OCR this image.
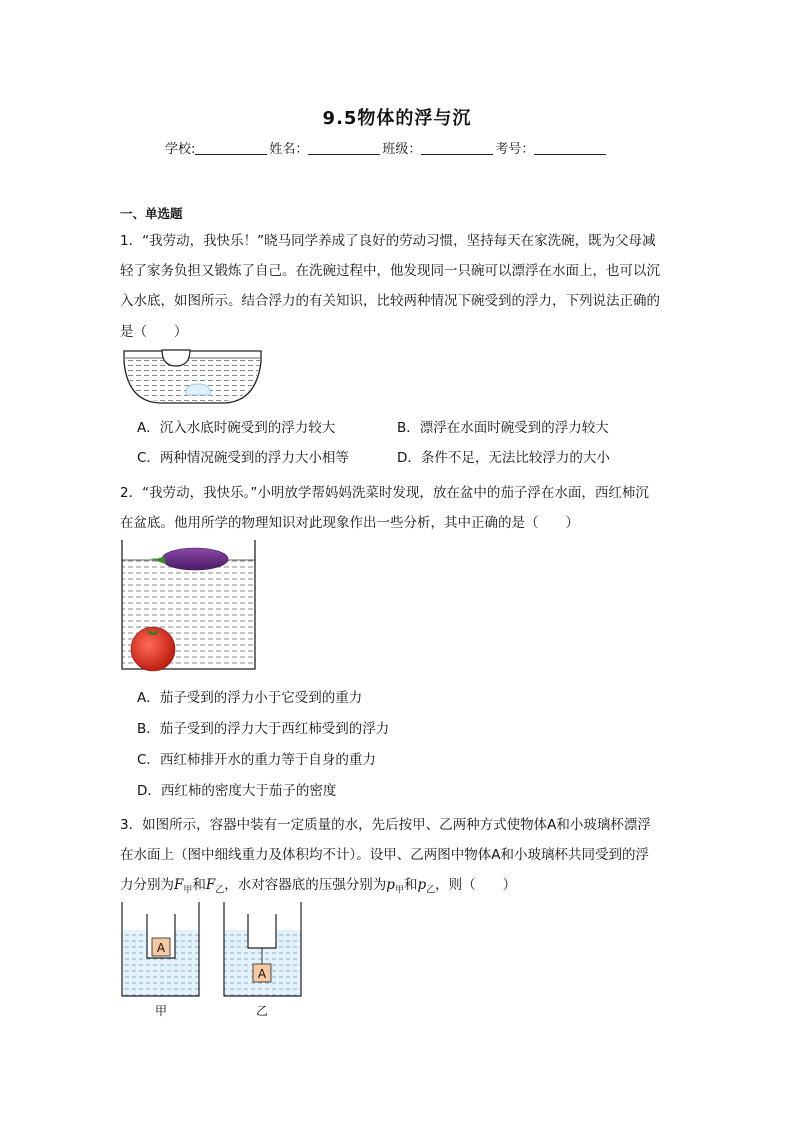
9.5物体的浮与沉
学校:	姓名：	班级：	考号：
一、单选题
1．“我劳动，我快乐！”晓马同学养成了良好的劳动习惯，坚持每天在家洗碗，既为父母减
轻了家务负担又锻炼了自己。在洗碗过程中，他发现同一只碗可以漂浮在水面上，也可以沉
入水底，如图所示。结合浮力的有关知识，比较两种情况下碗受到的浮力，下列说法正确的
是（　　）
A．沉入水底时碗受到的浮力较大	B．漂浮在水面时碗受到的浮力较大
C．两种情况碗受到的浮力大小相等	D．条件不足，无法比较浮力的大小
2．“我劳动，我快乐。”小明放学帮妈妈洗菜时发现，放在盆中的茄子浮在水面，西红柿沉
在盆底。他用所学的物理知识对此现象作出一些分析，其中正确的是（　　）
A．茄子受到的浮力小于它受到的重力
B．茄子受到的浮力大于西红柿受到的浮力
C．西红柿排开水的重力等于自身的重力
D．西红柿的密度大于茄子的密度
3．如图所示，容器中装有一定质量的水，先后按甲、乙两种方式使物体A和小玻璃杯漂浮
在水面上（图中细线重力及体积均不计）。设甲、乙两图中物体A和小玻璃杯共同受到的浮
力分别为$F_甲$和$F_乙$，水对容器底的压强分别为$p_甲$和$p_乙$，则（　　）
A
甲
A
乙
